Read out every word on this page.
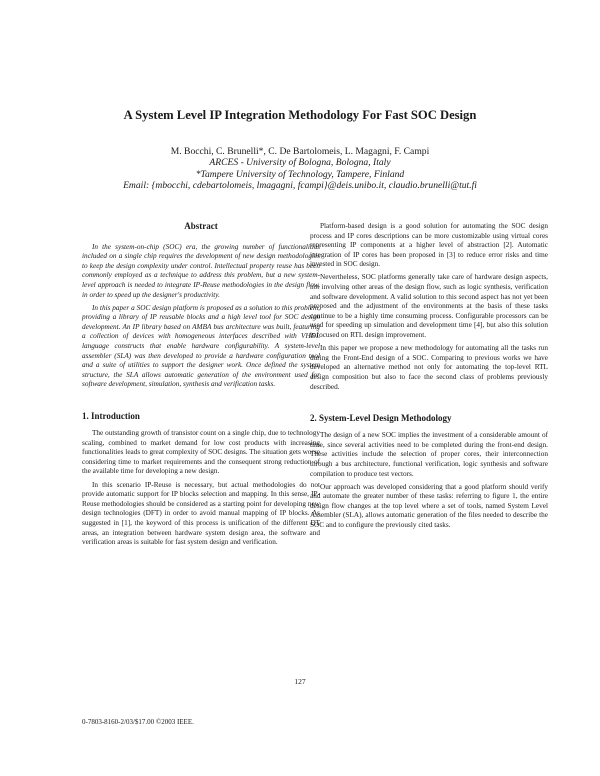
A System Level IP Integration Methodology For Fast SOC Design
M. Bocchi, C. Brunelli*, C. De Bartolomeis, L. Magagni, F. Campi
ARCES - University of Bologna, Bologna, Italy
*Tampere University of Technology, Tampere, Finland
Email: {mbocchi, cdebartolomeis, lmagagni, fcampi}@deis.unibo.it, claudio.brunelli@tut.fi
Abstract

In the system-on-chip (SOC) era, the growing number of functionalities included on a single chip requires the development of new design methodologies to keep the design complexity under control. Intellectual property reuse has been commonly employed as a technique to address this problem, but a new system-level approach is needed to integrate IP-Reuse methodologies in the design flow, in order to speed up the designer's productivity.

In this paper a SOC design platform is proposed as a solution to this problem, providing a library of IP reusable blocks and a high level tool for SOC design development. An IP library based on AMBA bus architecture was built, featuring a collection of devices with homogeneous interfaces described with VHDL language constructs that enable hardware configurability. A system-level assembler (SLA) was then developed to provide a hardware configuration tool and a suite of utilities to support the designer work. Once defined the system structure, the SLA allows automatic generation of the environment used for software development, simulation, synthesis and verification tasks.

1. Introduction

The outstanding growth of transistor count on a single chip, due to technology scaling, combined to market demand for low cost products with increasing functionalities leads to great complexity of SOC designs. The situation gets worse considering time to market requirements and the consequent strong reduction of the available time for developing a new design.

In this scenario IP-Reuse is necessary, but actual methodologies do not provide automatic support for IP blocks selection and mapping. In this sense, IP-Reuse methodologies should be considered as a starting point for developing new design technologies (DFT) in order to avoid manual mapping of IP blocks. As suggested in [1], the keyword of this process is unification of the different DT areas, an integration between hardware system design area, the software and verification areas is suitable for fast system design and verification.

Platform-based design is a good solution for automating the SOC design process and IP cores descriptions can be more customizable using virtual cores representing IP components at a higher level of abstraction [2]. Automatic integration of IP cores has been proposed in [3] to reduce error risks and time invested in SOC design.

Nevertheless, SOC platforms generally take care of hardware design aspects, not involving other areas of the design flow, such as logic synthesis, verification and software development. A valid solution to this second aspect has not yet been proposed and the adjustment of the environments at the basis of these tasks continue to be a highly time consuming process. Configurable processors can be used for speeding up simulation and development time [4], but also this solution is focused on RTL design improvement.

In this paper we propose a new methodology for automating all the tasks run during the Front-End design of a SOC. Comparing to previous works we have developed an alternative method not only for automating the top-level RTL design composition but also to face the second class of problems previously described.

2. System-Level Design Methodology

The design of a new SOC implies the investment of a considerable amount of time, since several activities need to be completed during the front-end design. These activities include the selection of proper cores, their interconnection through a bus architecture, functional verification, logic synthesis and software compilation to produce test vectors.

Our approach was developed considering that a good platform should verify and automate the greater number of these tasks: referring to figure 1, the entire design flow changes at the top level where a set of tools, named System Level Assembler (SLA), allows automatic generation of the files needed to describe the SOC and to configure the previously cited tasks.

127
0-7803-8160-2/03/$17.00 ©2003 IEEE.
